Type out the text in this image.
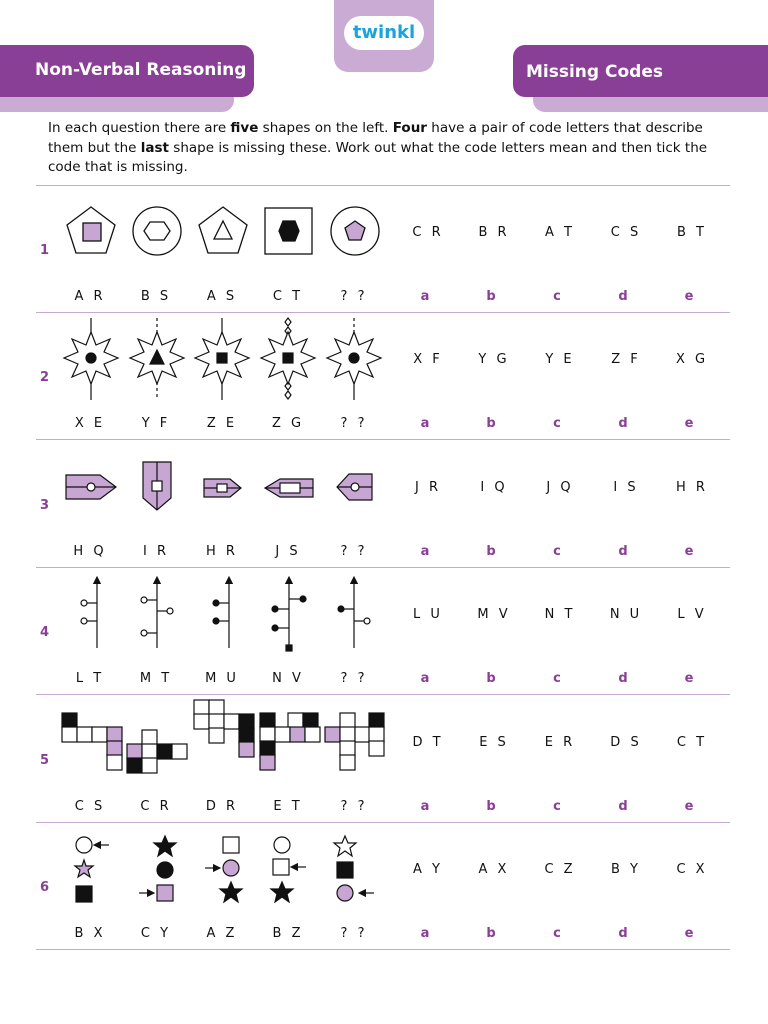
Non-Verbal Reasoning	Missing Codes
twinkl
In each question there are five shapes on the left. Four have a pair of code letters that describe them but the last shape is missing these. Work out what the code letters mean and then tick the code that is missing.
1
C R	B R	A T	C S	B T
A R	B S	A S	C T	? ?	a	b	c	d	e
2
X F	Y G	Y E	Z F	X G
X E	Y F	Z E	Z G	? ?	a	b	c	d	e
3
J R	I Q	J Q	I S	H R
H Q	I R	H R	J S	? ?	a	b	c	d	e
4
L U	M V	N T	N U	L V
L T	M T	M U	N V	? ?	a	b	c	d	e
5
D T	E S	E R	D S	C T
C S	C R	D R	E T	? ?	a	b	c	d	e
6
A Y	A X	C Z	B Y	C X
B X	C Y	A Z	B Z	? ?	a	b	c	d	e
